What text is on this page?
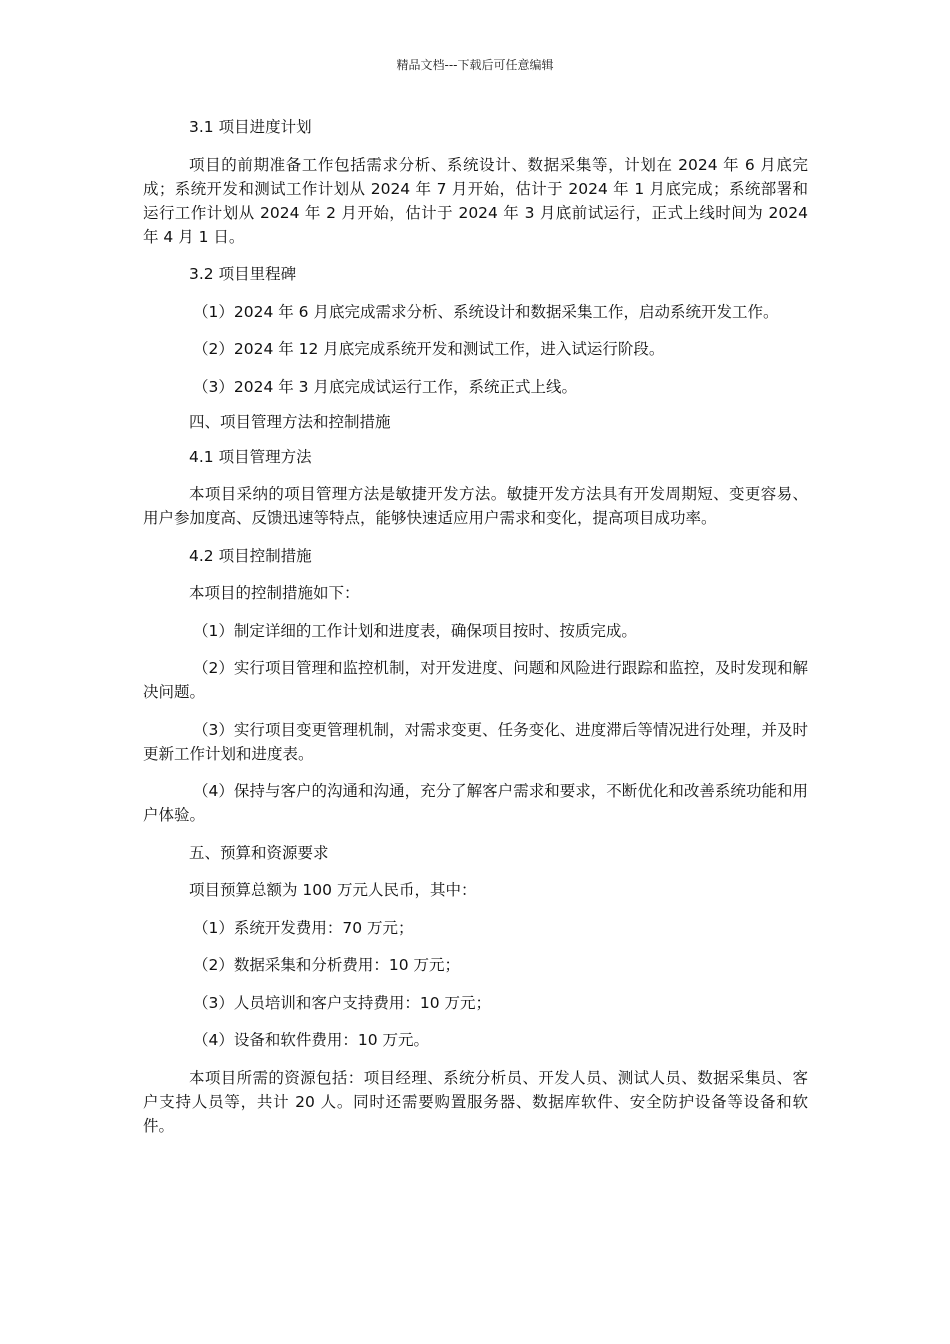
精品文档---下载后可任意编辑

3.1 项目进度计划

项目的前期准备工作包括需求分析、系统设计、数据采集等，计划在 2024 年 6 月底完成；系统开发和测试工作计划从 2024 年 7 月开始，估计于 2024 年 1 月底完成；系统部署和运行工作计划从 2024 年 2 月开始，估计于 2024 年 3 月底前试运行，正式上线时间为 2024 年 4 月 1 日。

3.2 项目里程碑

（1）2024 年 6 月底完成需求分析、系统设计和数据采集工作，启动系统开发工作。

（2）2024 年 12 月底完成系统开发和测试工作，进入试运行阶段。

（3）2024 年 3 月底完成试运行工作，系统正式上线。

四、项目管理方法和控制措施

4.1 项目管理方法

本项目采纳的项目管理方法是敏捷开发方法。敏捷开发方法具有开发周期短、变更容易、用户参加度高、反馈迅速等特点，能够快速适应用户需求和变化，提高项目成功率。

4.2 项目控制措施

本项目的控制措施如下：

（1）制定详细的工作计划和进度表，确保项目按时、按质完成。

（2）实行项目管理和监控机制，对开发进度、问题和风险进行跟踪和监控，及时发现和解决问题。

（3）实行项目变更管理机制，对需求变更、任务变化、进度滞后等情况进行处理，并及时更新工作计划和进度表。

（4）保持与客户的沟通和沟通，充分了解客户需求和要求，不断优化和改善系统功能和用户体验。

五、预算和资源要求

项目预算总额为 100 万元人民币，其中：

（1）系统开发费用：70 万元；

（2）数据采集和分析费用：10 万元；

（3）人员培训和客户支持费用：10 万元；

（4）设备和软件费用：10 万元。

本项目所需的资源包括：项目经理、系统分析员、开发人员、测试人员、数据采集员、客户支持人员等，共计 20 人。同时还需要购置服务器、数据库软件、安全防护设备等设备和软件。
